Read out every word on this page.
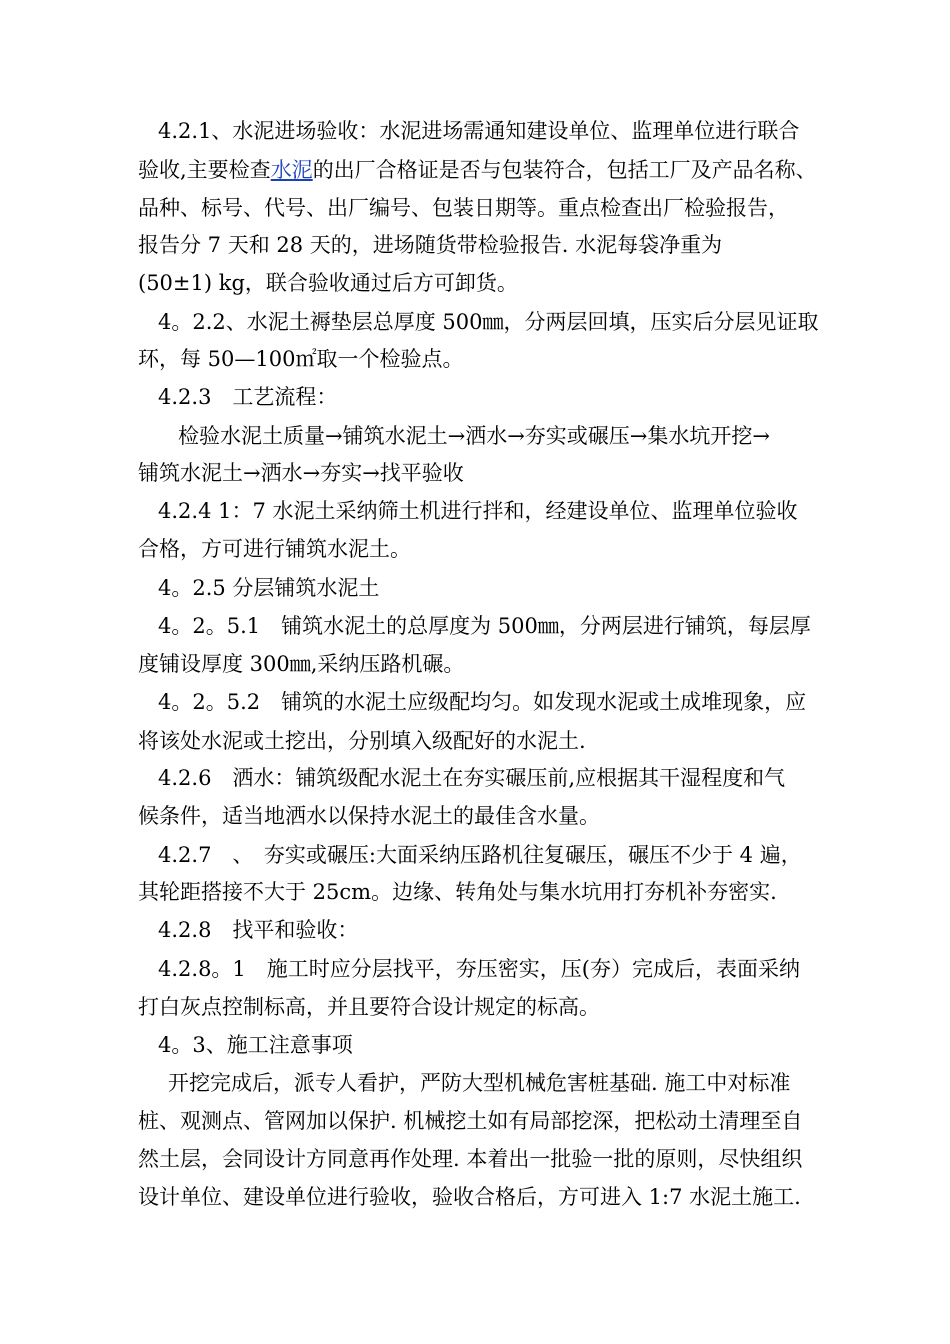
4.2.1、水泥进场验收：水泥进场需通知建设单位、监理单位进行联合
验收,主要检查水泥的出厂合格证是否与包装符合，包括工厂及产品名称、
品种、标号、代号、出厂编号、包装日期等。重点检查出厂检验报告，
报告分 7 天和 28 天的，进场随货带检验报告. 水泥每袋净重为
(50±1) kg，联合验收通过后方可卸货。
4。2.2、水泥土褥垫层总厚度 500㎜，分两层回填，压实后分层见证取
环，每 50—100㎡取一个检验点。
4.2.3　工艺流程：
检验水泥土质量→铺筑水泥土→洒水→夯实或碾压→集水坑开挖→
铺筑水泥土→洒水→夯实→找平验收
4.2.4 1：7 水泥土采纳筛土机进行拌和，经建设单位、监理单位验收
合格，方可进行铺筑水泥土。
4。2.5 分层铺筑水泥土
4。2。5.1　铺筑水泥土的总厚度为 500㎜，分两层进行铺筑，每层厚
度铺设厚度 300㎜,采纳压路机碾。
4。2。5.2　铺筑的水泥土应级配均匀。如发现水泥或土成堆现象，应
将该处水泥或土挖出，分别填入级配好的水泥土.
4.2.6　洒水：铺筑级配水泥土在夯实碾压前,应根据其干湿程度和气
候条件，适当地洒水以保持水泥土的最佳含水量。
4.2.7　、　夯实或碾压:大面采纳压路机往复碾压，碾压不少于 4 遍，
其轮距搭接不大于 25cm。边缘、转角处与集水坑用打夯机补夯密实.
4.2.8　找平和验收：
4.2.8。1　施工时应分层找平，夯压密实，压(夯）完成后，表面采纳
打白灰点控制标高，并且要符合设计规定的标高。
4。3、施工注意事项
开挖完成后，派专人看护，严防大型机械危害桩基础. 施工中对标准
桩、观测点、管网加以保护. 机械挖土如有局部挖深，把松动土清理至自
然土层，会同设计方同意再作处理. 本着出一批验一批的原则，尽快组织
设计单位、建设单位进行验收，验收合格后，方可进入 1:7 水泥土施工.
